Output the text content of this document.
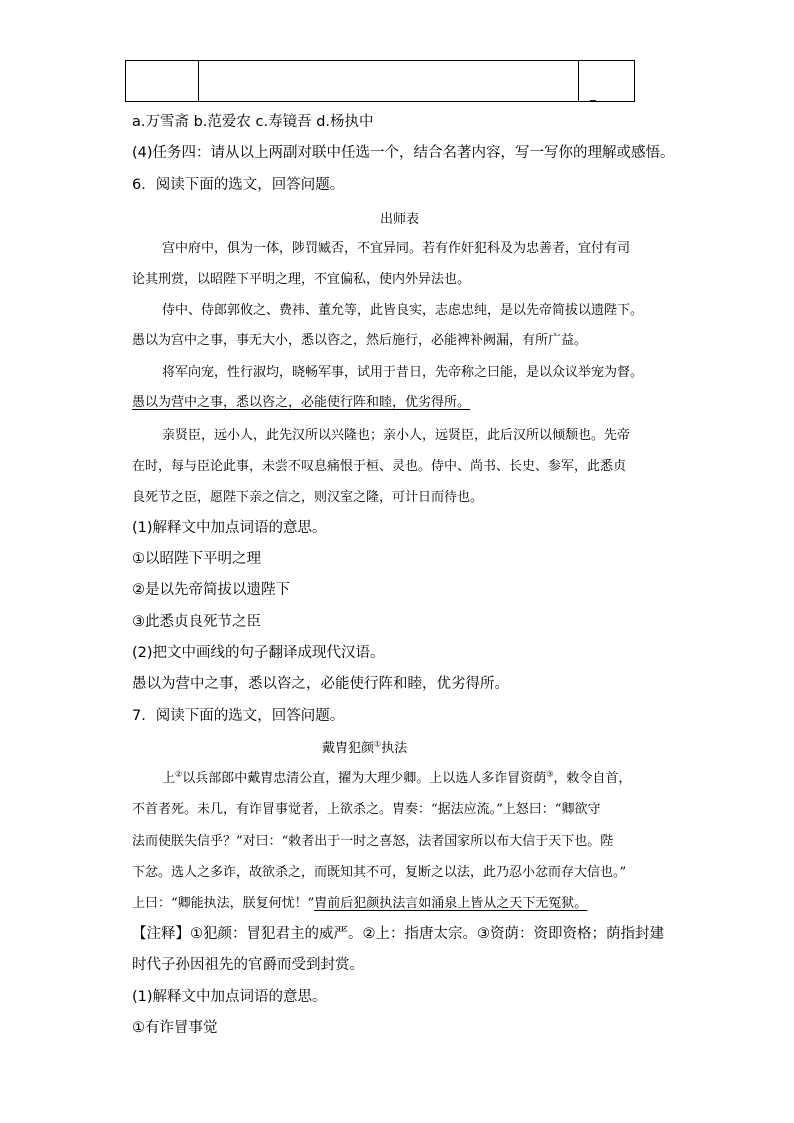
_
a.万雪斋 b.范爱农 c.寿镜吾 d.杨执中
(4)任务四：请从以上两副对联中任选一个，结合名著内容，写一写你的理解或感悟。
6．阅读下面的选文，回答问题。
出师表
宫中府中，俱为一体，陟罚臧否，不宜异同。若有作奸犯科及为忠善者，宜付有司
论其刑赏，以昭陛下平明之理，不宜偏私，使内外异法也。
侍中、侍郎郭攸之、费祎、董允等，此皆良实，志虑忠纯，是以先帝简拔以遗陛下。
愚以为宫中之事，事无大小，悉以咨之，然后施行，必能裨补阙漏，有所广益。
将军向宠，性行淑均，晓畅军事，试用于昔日，先帝称之曰能，是以众议举宠为督。
愚以为营中之事，悉以咨之，必能使行阵和睦，优劣得所。
亲贤臣，远小人，此先汉所以兴隆也；亲小人，远贤臣，此后汉所以倾颓也。先帝
在时，每与臣论此事，未尝不叹息痛恨于桓、灵也。侍中、尚书、长史、参军，此悉贞
良死节之臣，愿陛下亲之信之，则汉室之隆，可计日而待也。
(1)解释文中加点词语的意思。
①以昭陛下平明之理
②是以先帝简拔以遗陛下
③此悉贞良死节之臣
(2)把文中画线的句子翻译成现代汉语。
愚以为营中之事，悉以咨之，必能使行阵和睦，优劣得所。
7．阅读下面的选文，回答问题。
戴胄犯颜①执法
上②以兵部郎中戴胄忠清公直，擢为大理少卿。上以选人多诈冒资荫③，敕令自首，
不首者死。未几，有诈冒事觉者，上欲杀之。胄奏：“据法应流。”上怒曰：“卿欲守
法而使朕失信乎？”对曰：“敕者出于一时之喜怒，法者国家所以布大信于天下也。陛
下忿。选人之多诈，故欲杀之，而既知其不可，复断之以法，此乃忍小忿而存大信也。”
上曰：“卿能执法，朕复何忧！”胄前后犯颜执法言如涌泉上皆从之天下无冤狱。
【注释】①犯颜：冒犯君主的威严。②上：指唐太宗。③资荫：资即资格；荫指封建
时代子孙因祖先的官爵而受到封赏。
(1)解释文中加点词语的意思。
①有诈冒事觉
